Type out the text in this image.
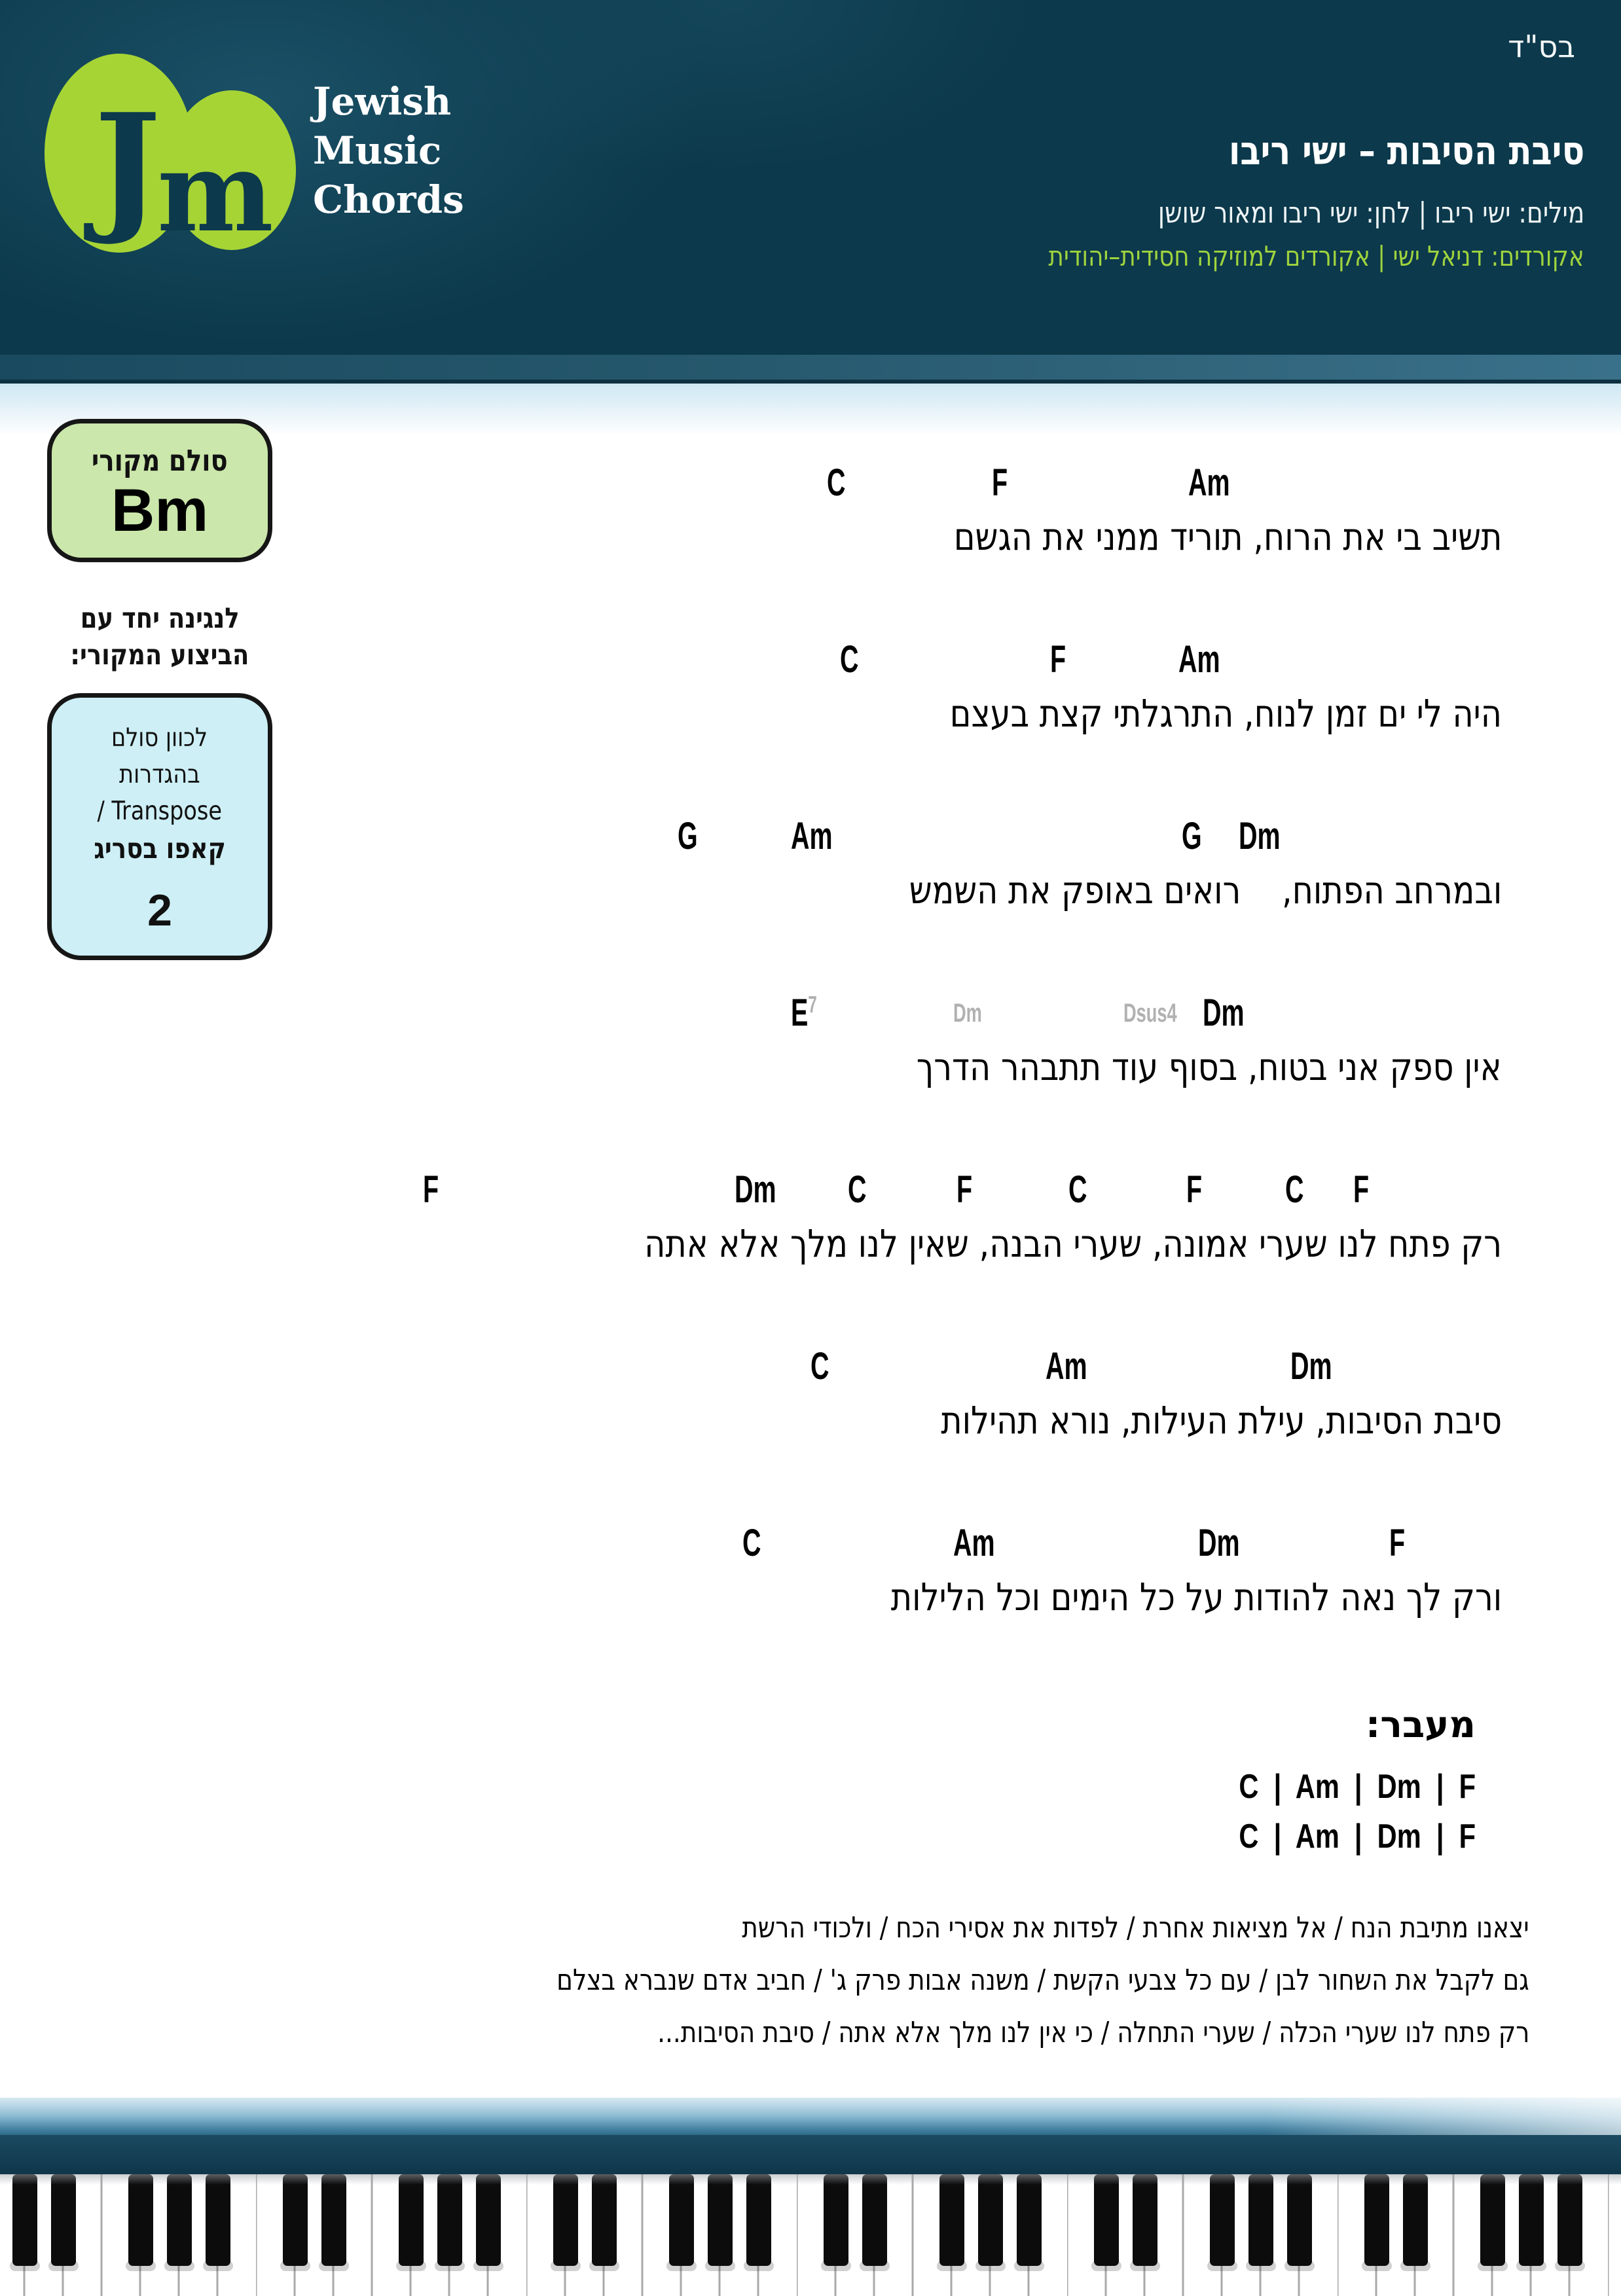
בס"ד
J
m
Jewish
Music
Chords
סיבת הסיבות – ישי ריבו
מילים: ישי ריבו | לחן: ישי ריבו ומאור שושן
אקורדים: דניאל ישי | אקורדים למוזיקה חסידית–יהודית
סולם מקורי
Bm
לנגינה יחד עם
הביצוע המקורי:
לכוון סולם
בהגדרות
/ Transpose
קאפו בסריג
2
C	F	Am
תשיב בי את הרוח, תוריד ממני את הגשם
C	F	Am
היה לי ים זמן לנוח, התרגלתי קצת בעצם
G Am	G Dm
ובמרחב הפתוח,    רואים באופק את השמש
$E^7$	Dm	Dsus4 Dm
אין ספק אני בטוח, בסוף עוד תתבהר הדרך
F	Dm C F	C	F C F
רק פתח לנו שערי אמונה, שערי הבנה, שאין לנו מלך אלא אתה
C	Am	Dm
סיבת הסיבות, עילת העילות, נורא תהילות
C	Am	Dm	F
ורק לך נאה להודות על כל הימים וכל הלילות
מעבר:
C  |  Am  |  Dm  |  F
C  |  Am  |  Dm  |  F
יצאנו מתיבת הנח / אל מציאות אחרת / לפדות את אסירי הכח / ולכודי הרשת
גם לקבל את השחור לבן / עם כל צבעי הקשת / משנה אבות פרק ג' / חביב אדם שנברא בצלם
רק פתח לנו שערי הכלה / שערי התחלה / כי אין לנו מלך אלא אתה / סיבת הסיבות...
